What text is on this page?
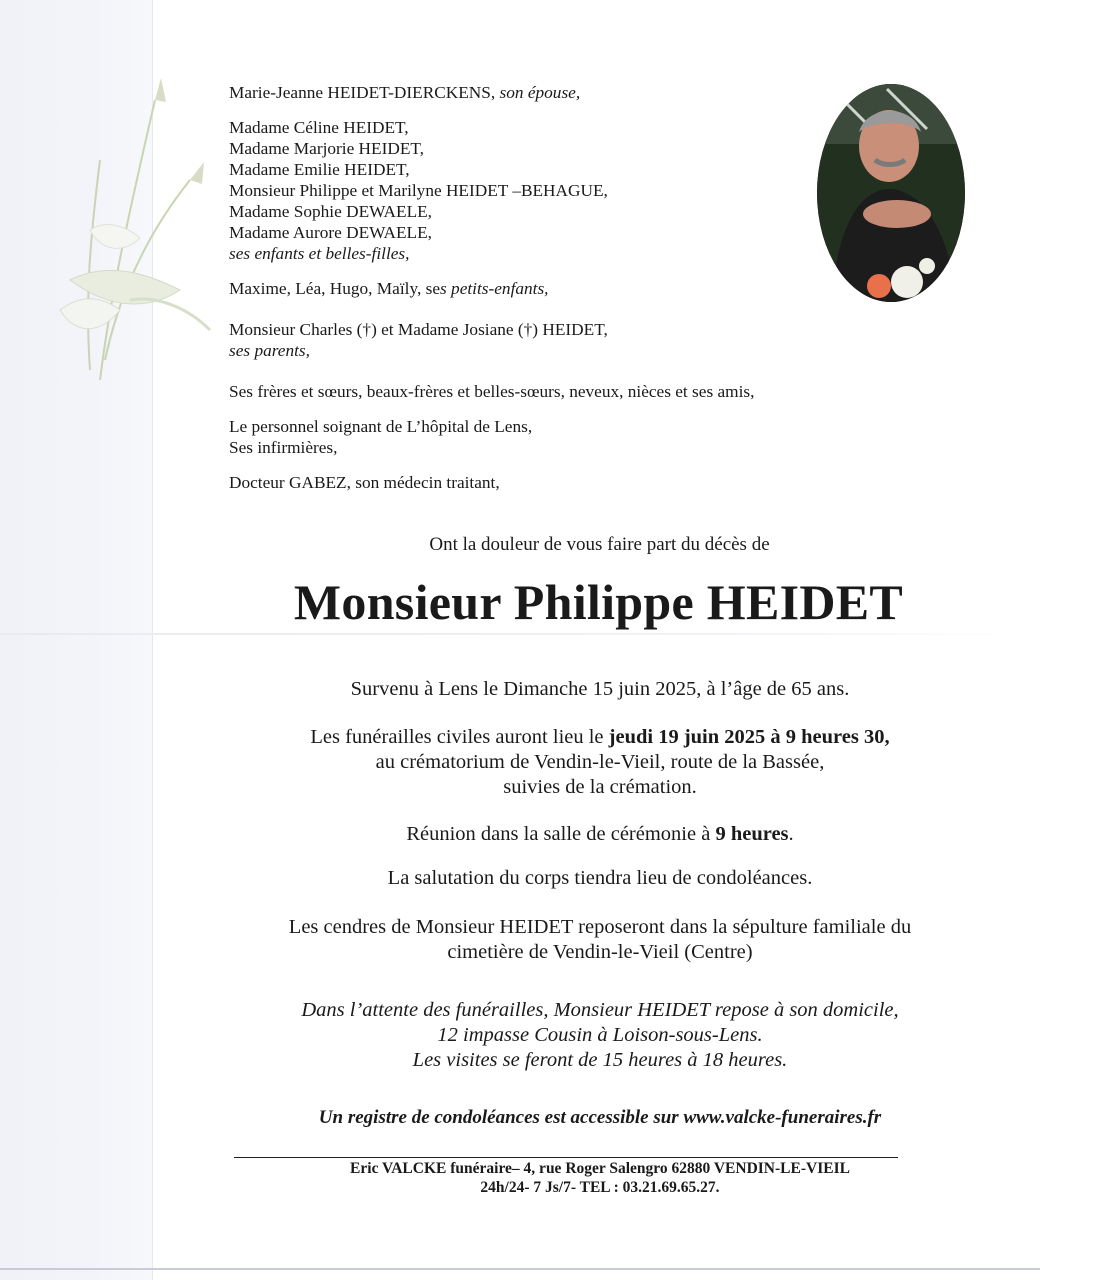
Marie-Jeanne HEIDET-DIERCKENS, son épouse,

Madame Céline HEIDET,

Madame Marjorie HEIDET,

Madame Emilie HEIDET,

Monsieur Philippe et Marilyne HEIDET –BEHAGUE,

Madame Sophie DEWAELE,

Madame Aurore DEWAELE,

ses enfants et belles-filles,

Maxime, Léa, Hugo, Maïly, ses petits-enfants,

Monsieur Charles (†) et Madame Josiane (†) HEIDET,

ses parents,

Ses frères et sœurs, beaux-frères et belles-sœurs, neveux, nièces et ses amis,

Le personnel soignant de L’hôpital de Lens,

Ses infirmières,

Docteur GABEZ, son médecin traitant,

Ont la douleur de vous faire part du décès de
Monsieur Philippe HEIDET

Survenu à Lens le Dimanche 15 juin 2025, à l’âge de 65 ans.

Les funérailles civiles auront lieu le jeudi 19 juin 2025 à 9 heures 30,

au crématorium de Vendin-le-Vieil, route de la Bassée,

suivies de la crémation.

Réunion dans la salle de cérémonie à 9 heures.

La salutation du corps tiendra lieu de condoléances.

Les cendres de Monsieur HEIDET reposeront dans la sépulture familiale du

cimetière de Vendin-le-Vieil (Centre)

Dans l’attente des funérailles, Monsieur HEIDET repose à son domicile,

12 impasse Cousin à Loison-sous-Lens.

Les visites se feront de 15 heures à 18 heures.

Un registre de condoléances est accessible sur www.valcke-funeraires.fr

Eric VALCKE funéraire– 4, rue Roger Salengro 62880 VENDIN-LE-VIEIL
24h/24- 7 Js/7- TEL : 03.21.69.65.27.
